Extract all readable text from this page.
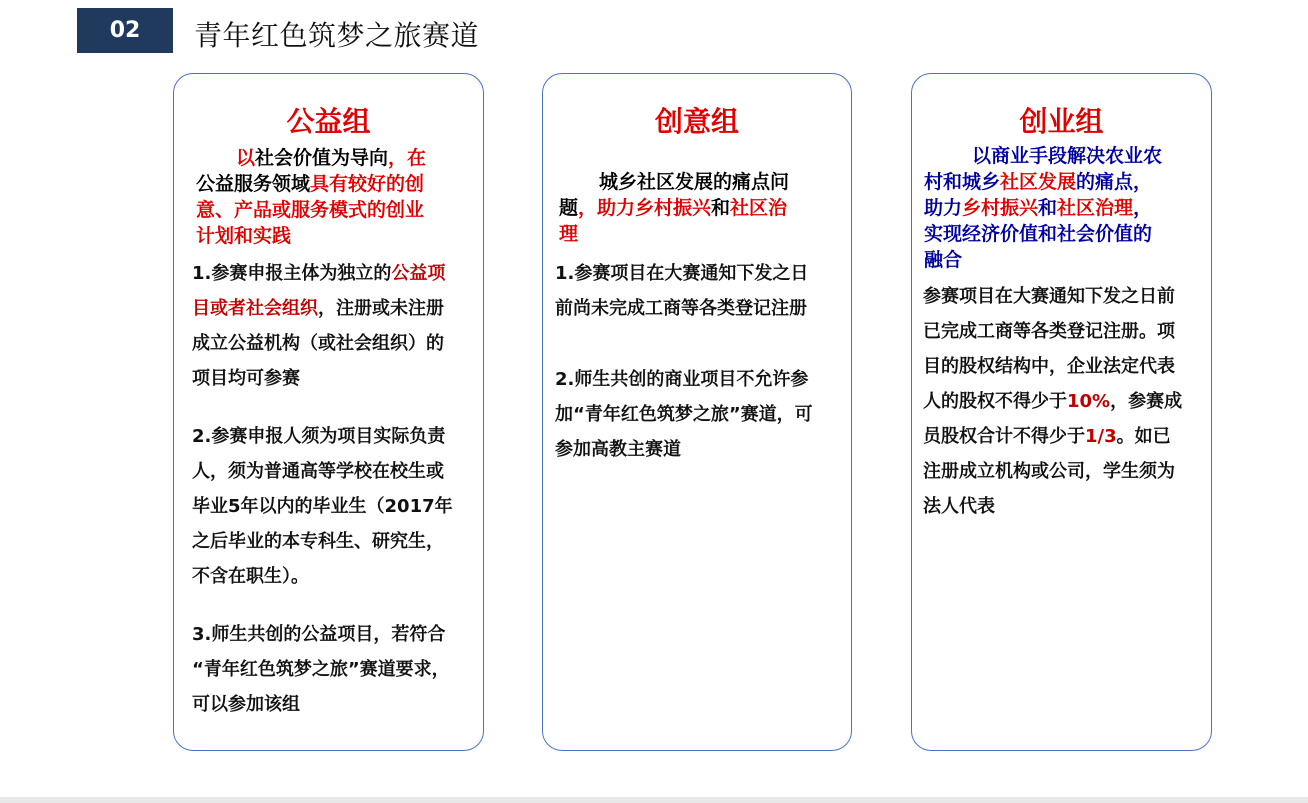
02 青年红色筑梦之旅赛道
公益组
以社会价值为导向，在
公益服务领域具有较好的创
意、产品或服务模式的创业
计划和实践
1.参赛申报主体为独立的公益项
目或者社会组织，注册或未注册
成立公益机构（或社会组织）的
项目均可参赛
2.参赛申报人须为项目实际负责
人，须为普通高等学校在校生或
毕业5年以内的毕业生（2017年
之后毕业的本专科生、研究生，
不含在职生）。
3.师生共创的公益项目，若符合
“青年红色筑梦之旅”赛道要求，
可以参加该组
创意组
城乡社区发展的痛点问
题，助力乡村振兴和社区治
理
1.参赛项目在大赛通知下发之日
前尚未完成工商等各类登记注册
2.师生共创的商业项目不允许参
加“青年红色筑梦之旅”赛道，可
参加高教主赛道
创业组
以商业手段解决农业农
村和城乡社区发展的痛点，
助力乡村振兴和社区治理，
实现经济价值和社会价值的
融合
参赛项目在大赛通知下发之日前
已完成工商等各类登记注册。项
目的股权结构中，企业法定代表
人的股权不得少于10%，参赛成
员股权合计不得少于1/3。如已
注册成立机构或公司，学生须为
法人代表
